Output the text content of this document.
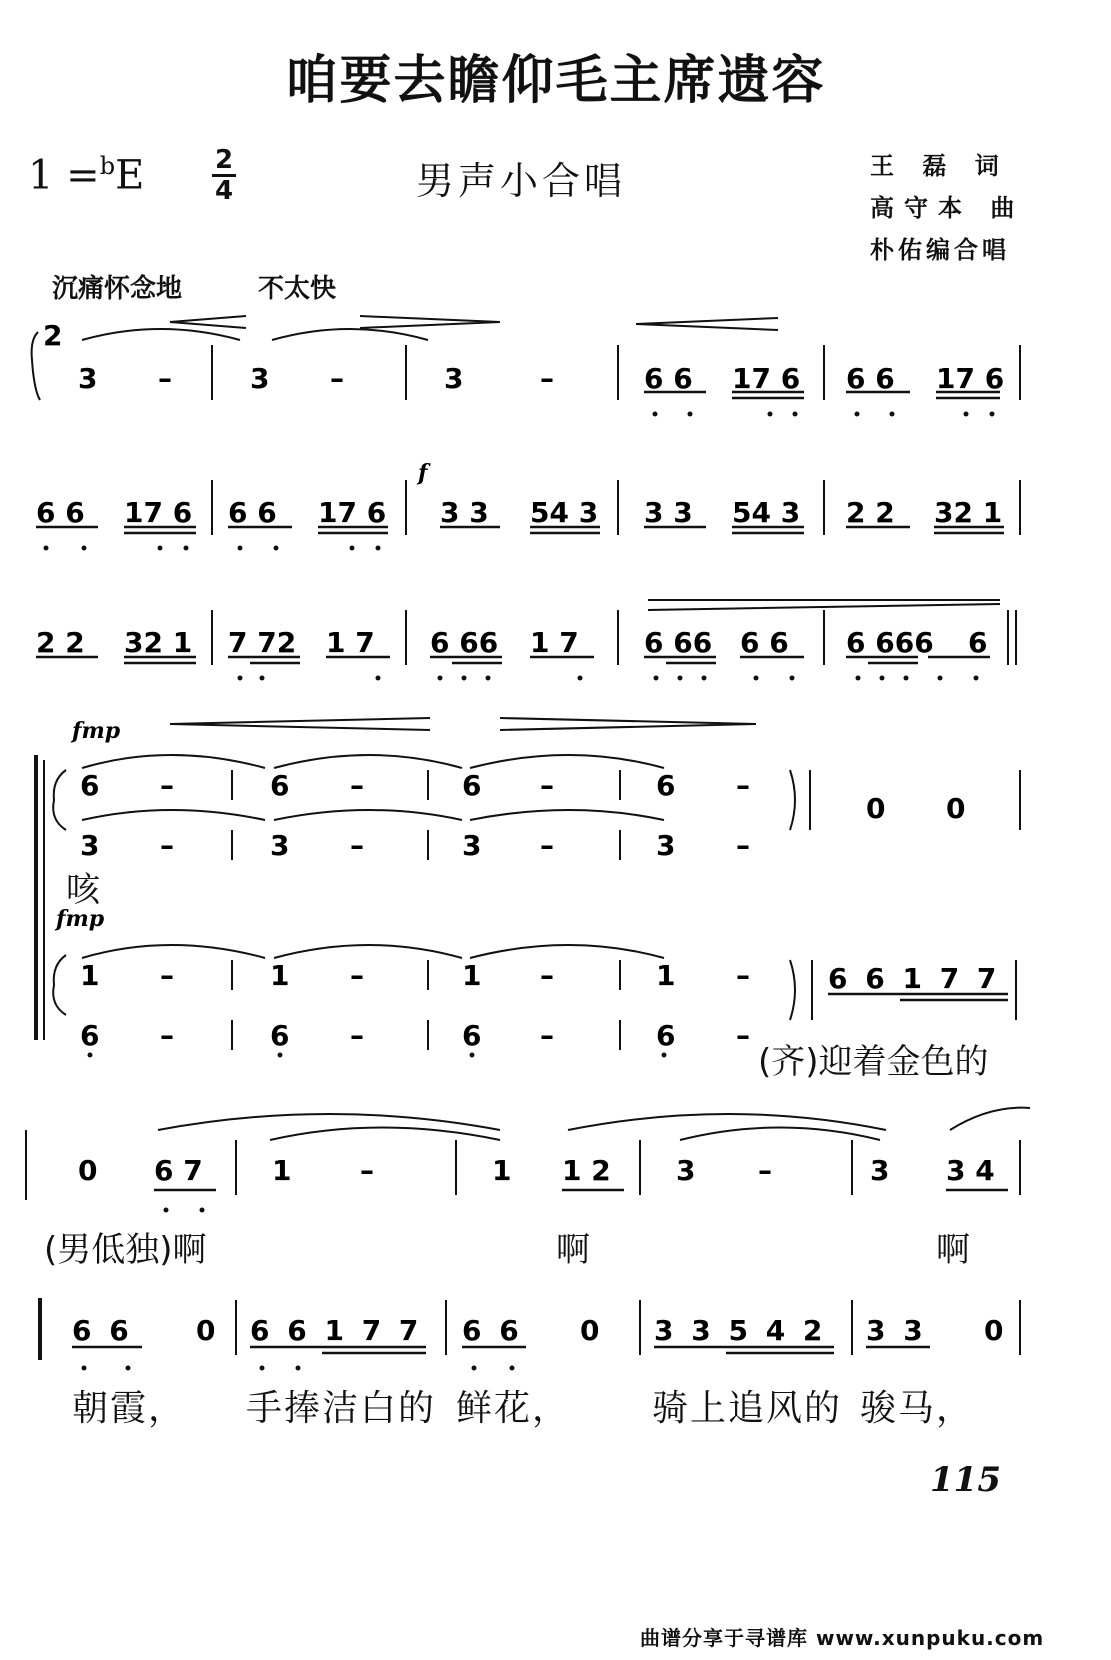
咱要去瞻仰毛主席遗容
1 =$^b$E	2
4	男声小合唱	王 磊 词
高守本 曲
朴佑编合唱
沉痛怀念地	不太快
2
3 –	3 –	3	–	6 6 17 6 6 6 17 6
f
6 6 17 6 6 6 17 6 3 3 54 3 3 3 54 3 2 2 32 1
2 2 32 1 7 72 1 7 6 66 1 7 6 66 6 6 6 666 6
fmp
fmp
6 –	6 –	6 –	6 –
3 –	3 –	3 –	3 –
0 0
1 –	1 –	1 –	1 –
6 –	6 –	6 –	6 –
6 6 1 7 7
0 6 7 1 –	1 1 2 3 –	3 3 4
6 6 0 6 6 1 7 7 6 6 0 3 3 5 4 2 3 3 0
咳
(齐)迎着金色的
(男低独)啊	啊	啊
朝霞， 手捧洁白的 鲜花， 骑上追风的 骏马，
115
曲谱分享于寻谱库 www.xunpuku.com
